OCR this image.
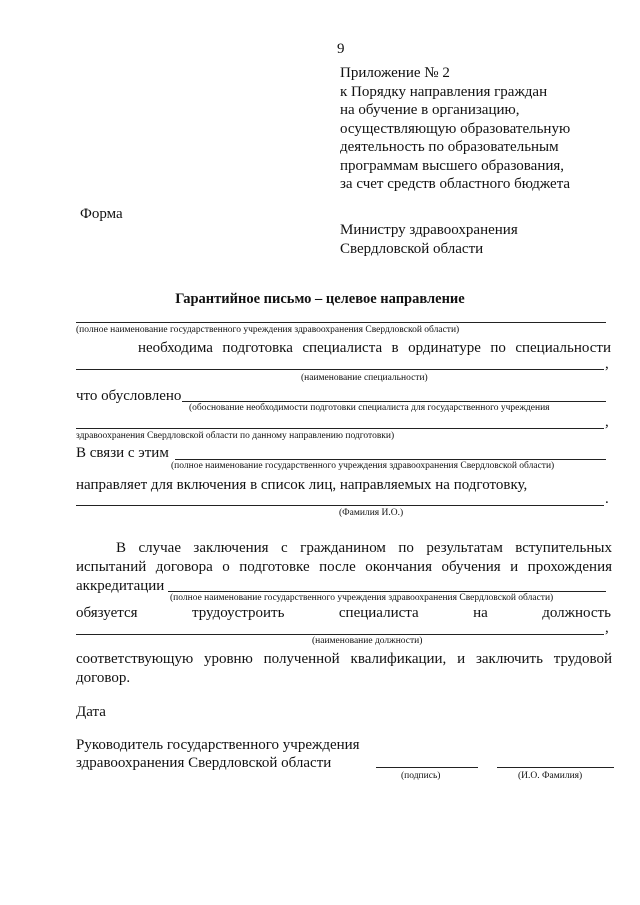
9
Приложение № 2
к Порядку направления граждан
на обучение в организацию,
осуществляющую образовательную
деятельность по образовательным
программам высшего образования,
за счет средств областного бюджета
Форма
Министру здравоохранения
Свердловской области
Гарантийное письмо – целевое направление
(полное наименование государственного учреждения здравоохранения Свердловской области)
необходима подготовка специалиста в ординатуре по специальности
,
(наименование специальности)
что обусловлено
(обоснование необходимости подготовки специалиста для государственного учреждения
,
здравоохранения Свердловской области по данному направлению подготовки)
В связи с этим
(полное наименование государственного учреждения здравоохранения Свердловской области)
направляет для включения в список лиц, направляемых на подготовку,
.
(Фамилия И.О.)
В случае заключения с гражданином по результатам вступительных
испытаний договора о подготовке после окончания обучения и прохождения
аккредитации
(полное наименование государственного учреждения здравоохранения Свердловской области)
обязуется	трудоустроить	специалиста	на	должность
,
(наименование должности)
соответствующую уровню полученной квалификации, и заключить трудовой
договор.
Дата
Руководитель государственного учреждения
здравоохранения Свердловской области
(подпись)	(И.О. Фамилия)
